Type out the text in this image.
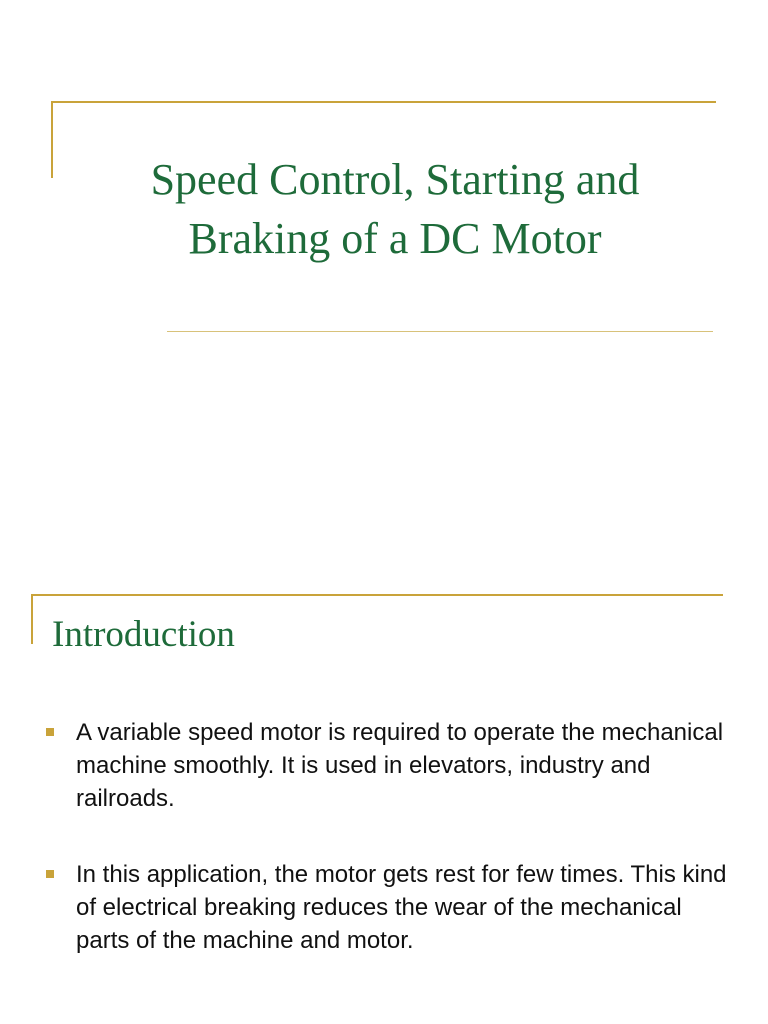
Speed Control, Starting and Braking of a DC Motor
Introduction
A variable speed motor is required to operate the mechanical machine smoothly. It is used in elevators, industry and railroads.
In this application, the motor gets rest for few times. This kind of electrical breaking reduces the wear of the mechanical parts of the machine and motor.
